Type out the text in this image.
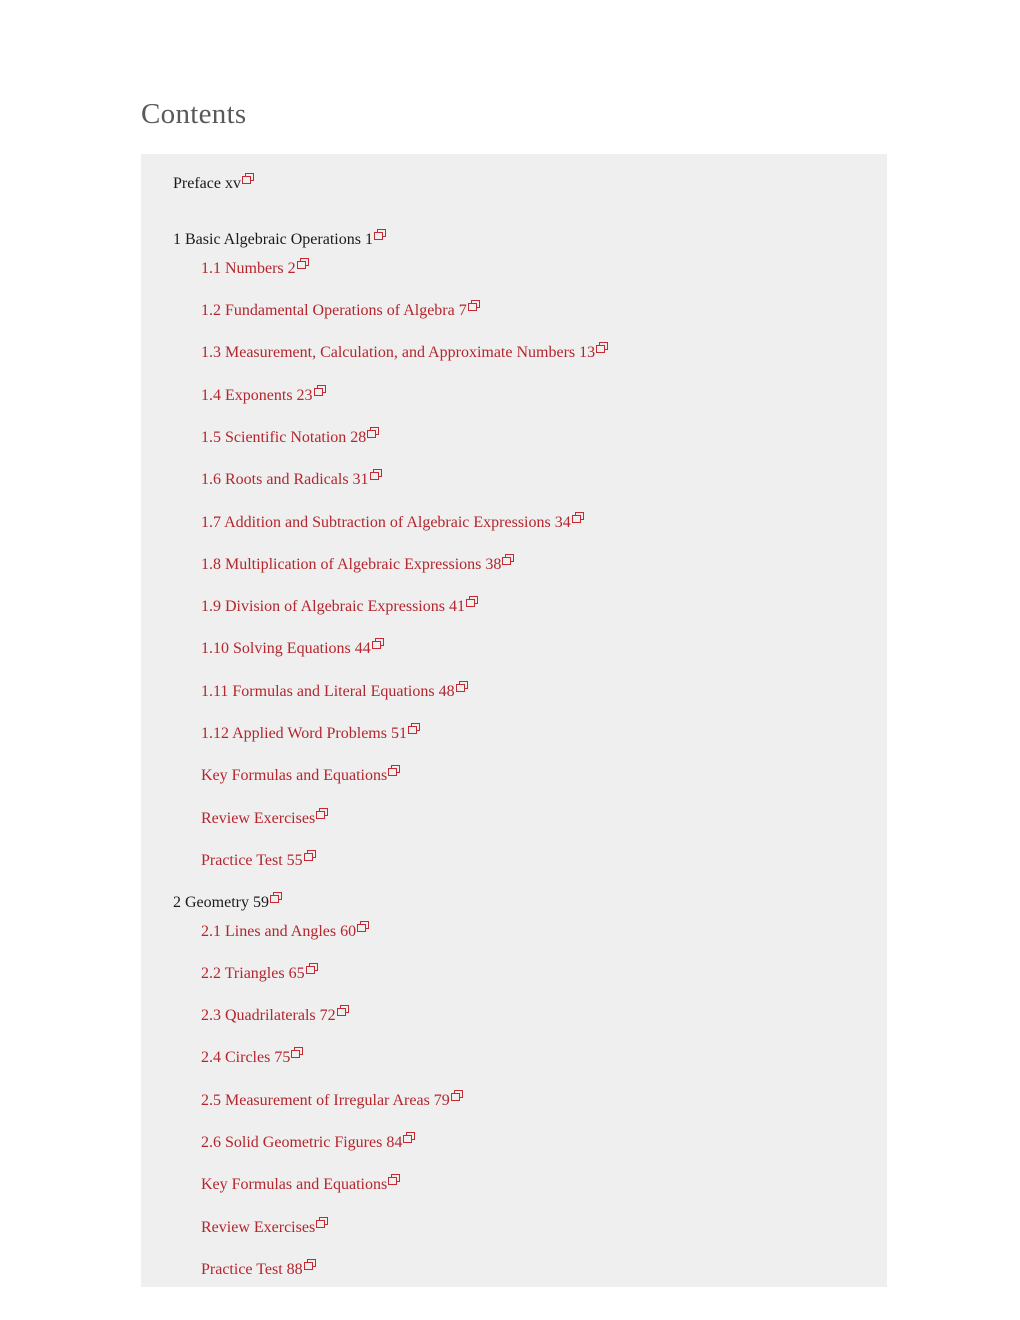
Contents
Preface xv
1 Basic Algebraic Operations 1
1.1 Numbers 2
1.2 Fundamental Operations of Algebra 7
1.3 Measurement, Calculation, and Approximate Numbers 13
1.4 Exponents 23
1.5 Scientific Notation 28
1.6 Roots and Radicals 31
1.7 Addition and Subtraction of Algebraic Expressions 34
1.8 Multiplication of Algebraic Expressions 38
1.9 Division of Algebraic Expressions 41
1.10 Solving Equations 44
1.11 Formulas and Literal Equations 48
1.12 Applied Word Problems 51
Key Formulas and Equations
Review Exercises
Practice Test 55
2 Geometry 59
2.1 Lines and Angles 60
2.2 Triangles 65
2.3 Quadrilaterals 72
2.4 Circles 75
2.5 Measurement of Irregular Areas 79
2.6 Solid Geometric Figures 84
Key Formulas and Equations
Review Exercises
Practice Test 88
